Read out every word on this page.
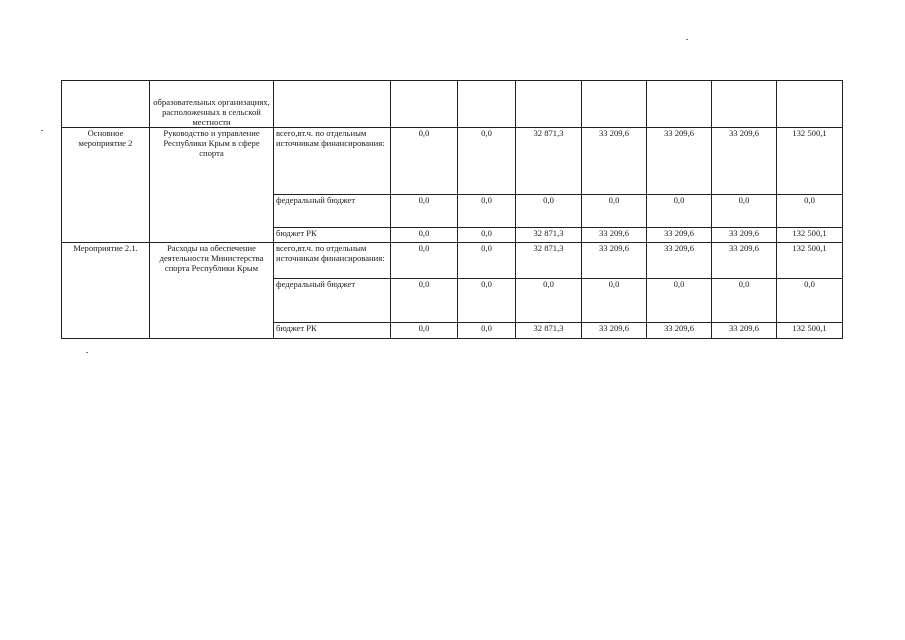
	образовательных организациях, расположенных в сельской местности								
Основное мероприятие 2	Руководство и управление Республики Крым в сфере спорта	всего,вт.ч. по отдельным источникам финансирования:	0,0	0,0	32 871,3	33 209,6	33 209,6	33 209,6	132 500,1
		федеральный бюджет	0,0	0,0	0,0	0,0	0,0	0,0	0,0
		бюджет РК	0,0	0,0	32 871,3	33 209,6	33 209,6	33 209,6	132 500,1
Мероприятие 2.1.	Расходы на обеспечение деятельности Министерства спорта Республики Крым	всего,вт.ч. по отдельным источникам финансирования:	0,0	0,0	32 871,3	33 209,6	33 209,6	33 209,6	132 500,1
		федеральный бюджет	0,0	0,0	0,0	0,0	0,0	0,0	0,0
		бюджет РК	0,0	0,0	32 871,3	33 209,6	33 209,6	33 209,6	132 500,1
